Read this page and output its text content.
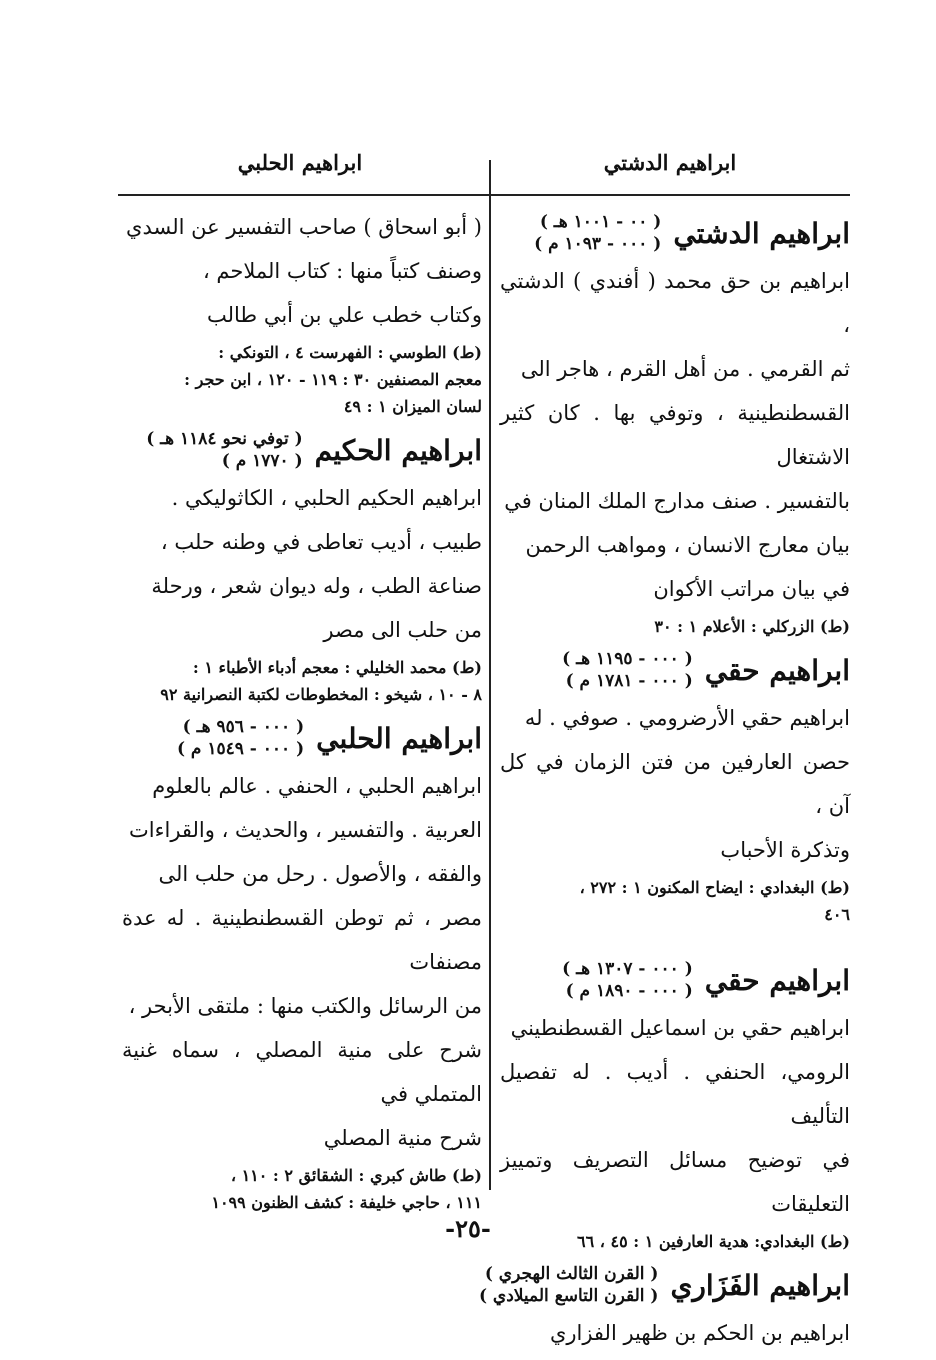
ابراهيم الدشتي
ابراهيم الحلبي
ابراهيم الدشتي
( ٠٠ - ١٠٠١ هـ )
( ٠٠٠ - ١٠٩٣ م )

ابراهيم بن حق محمد ( أفندي ) الدشتي ،

ثم القرمي . من أهل القرم ، هاجر الى

القسطنطينية ، وتوفي بها . كان كثير الاشتغال

بالتفسير . صنف مدارج الملك المنان في

بيان معارج الانسان ، ومواهب الرحمن

في بيان مراتب الأكوان

(ط) الزركلي : الأعلام ١ : ٣٠
ابراهيم حقي
( ٠٠٠ - ١١٩٥ هـ )
( ٠٠٠ - ١٧٨١ م )

ابراهيم حقي الأرضرومي . صوفي . له

حصن العارفين من فتن الزمان في كل آن ،

وتذكرة الأحباب

(ط) البغدادي : ايضاح المكنون ١ : ٢٧٢ ،
٤٠٦
ابراهيم حقي
( ٠٠٠ - ١٣٠٧ هـ )
( ٠٠٠ - ١٨٩٠ م )

ابراهيم حقي بن اسماعيل القسطنطيني

الرومي، الحنفي . أديب . له تفصيل التأليف

في توضيح مسائل التصريف وتمييز التعليقات

(ط) البغدادي: هدية العارفين ١ : ٤٥ ، ٦٦
ابراهيم الفَزَاري
( القرن الثالث الهجري )
( القرن التاسع الميلادي )

ابراهيم بن الحكم بن ظهير الفزاري

( أبو اسحاق ) صاحب التفسير عن السدي

وصنف كتباً منها : كتاب الملاحم ،

وكتاب خطب علي بن أبي طالب

(ط) الطوسي : الفهرست ٤ ، التونكي :
معجم المصنفين ٣٠ : ١١٩ - ١٢٠ ، ابن حجر :
لسان الميزان ١ : ٤٩
ابراهيم الحكيم
( توفي نحو ١١٨٤ هـ )
( ١٧٧٠ م )

ابراهيم الحكيم الحلبي ، الكاثوليكي .

طبيب ، أديب تعاطى في وطنه حلب ،

صناعة الطب ، وله ديوان شعر ، ورحلة

من حلب الى مصر

(ط) محمد الخليلي : معجم أدباء الأطباء ١ :
٨ - ١٠ ، شيخو : المخطوطات لكتبة النصرانية ٩٢
ابراهيم الحلبي
( ٠٠٠ - ٩٥٦ هـ )
( ٠٠٠ - ١٥٤٩ م )

ابراهيم الحلبي ، الحنفي . عالم بالعلوم

العربية . والتفسير ، والحديث ، والقراءات

والفقه ، والأصول . رحل من حلب الى

مصر ، ثم توطن القسطنطينية . له عدة مصنفات

من الرسائل والكتب منها : ملتقى الأبحر ،

شرح على منية المصلي ، سماه غنية المتملي في

شرح منية المصلي

(ط) طاش كبري : الشقائق ٢ : ١١٠ ،
١١١ ، حاجي خليفة : كشف الظنون ١٠٩٩
-٢٥-
